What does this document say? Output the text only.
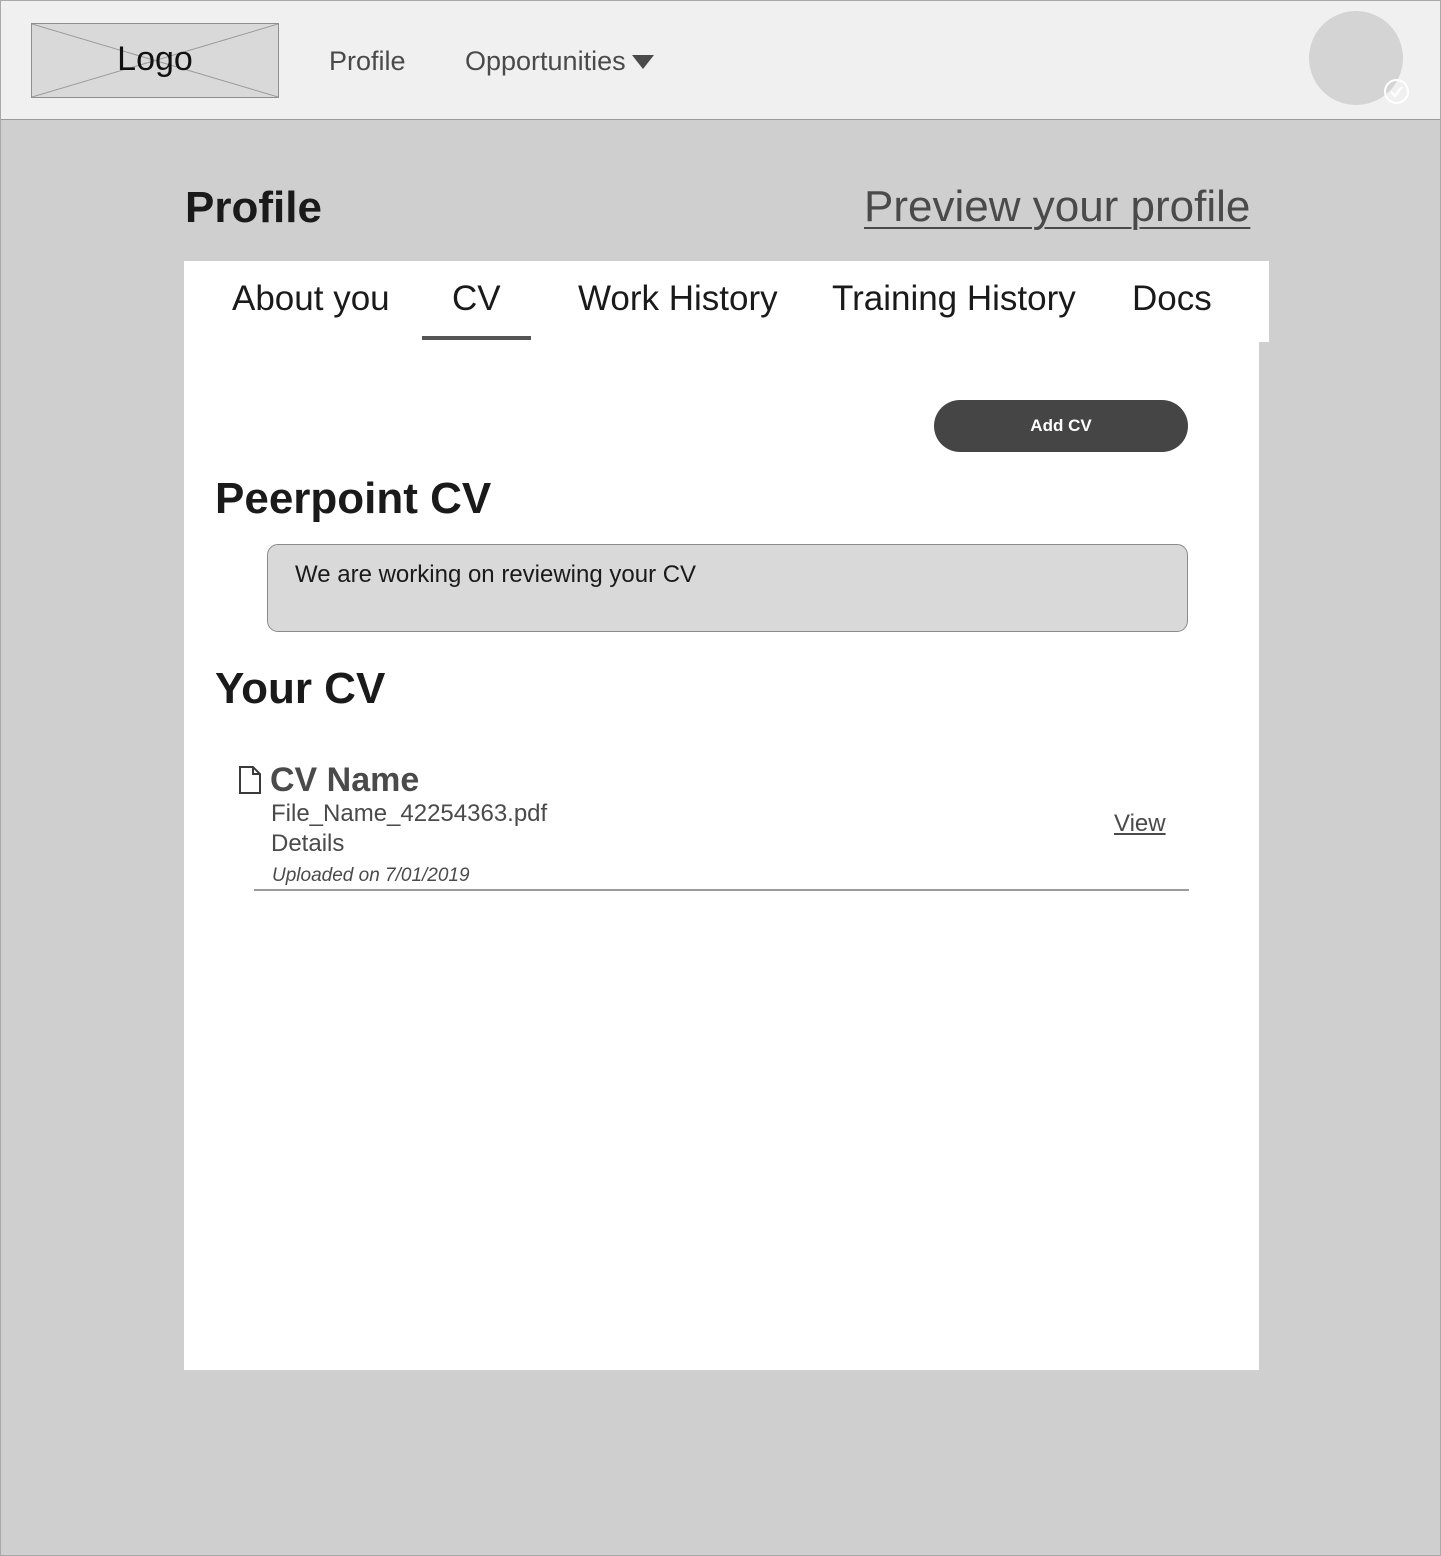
Logo	Profile Opportunities
Profile	Preview your profile
About you CV Work History Training History Docs
Add CV
Peerpoint CV
We are working on reviewing your CV
Your CV
CV Name
File_Name_42254363.pdf
Details
Uploaded on 7/01/2019
View
